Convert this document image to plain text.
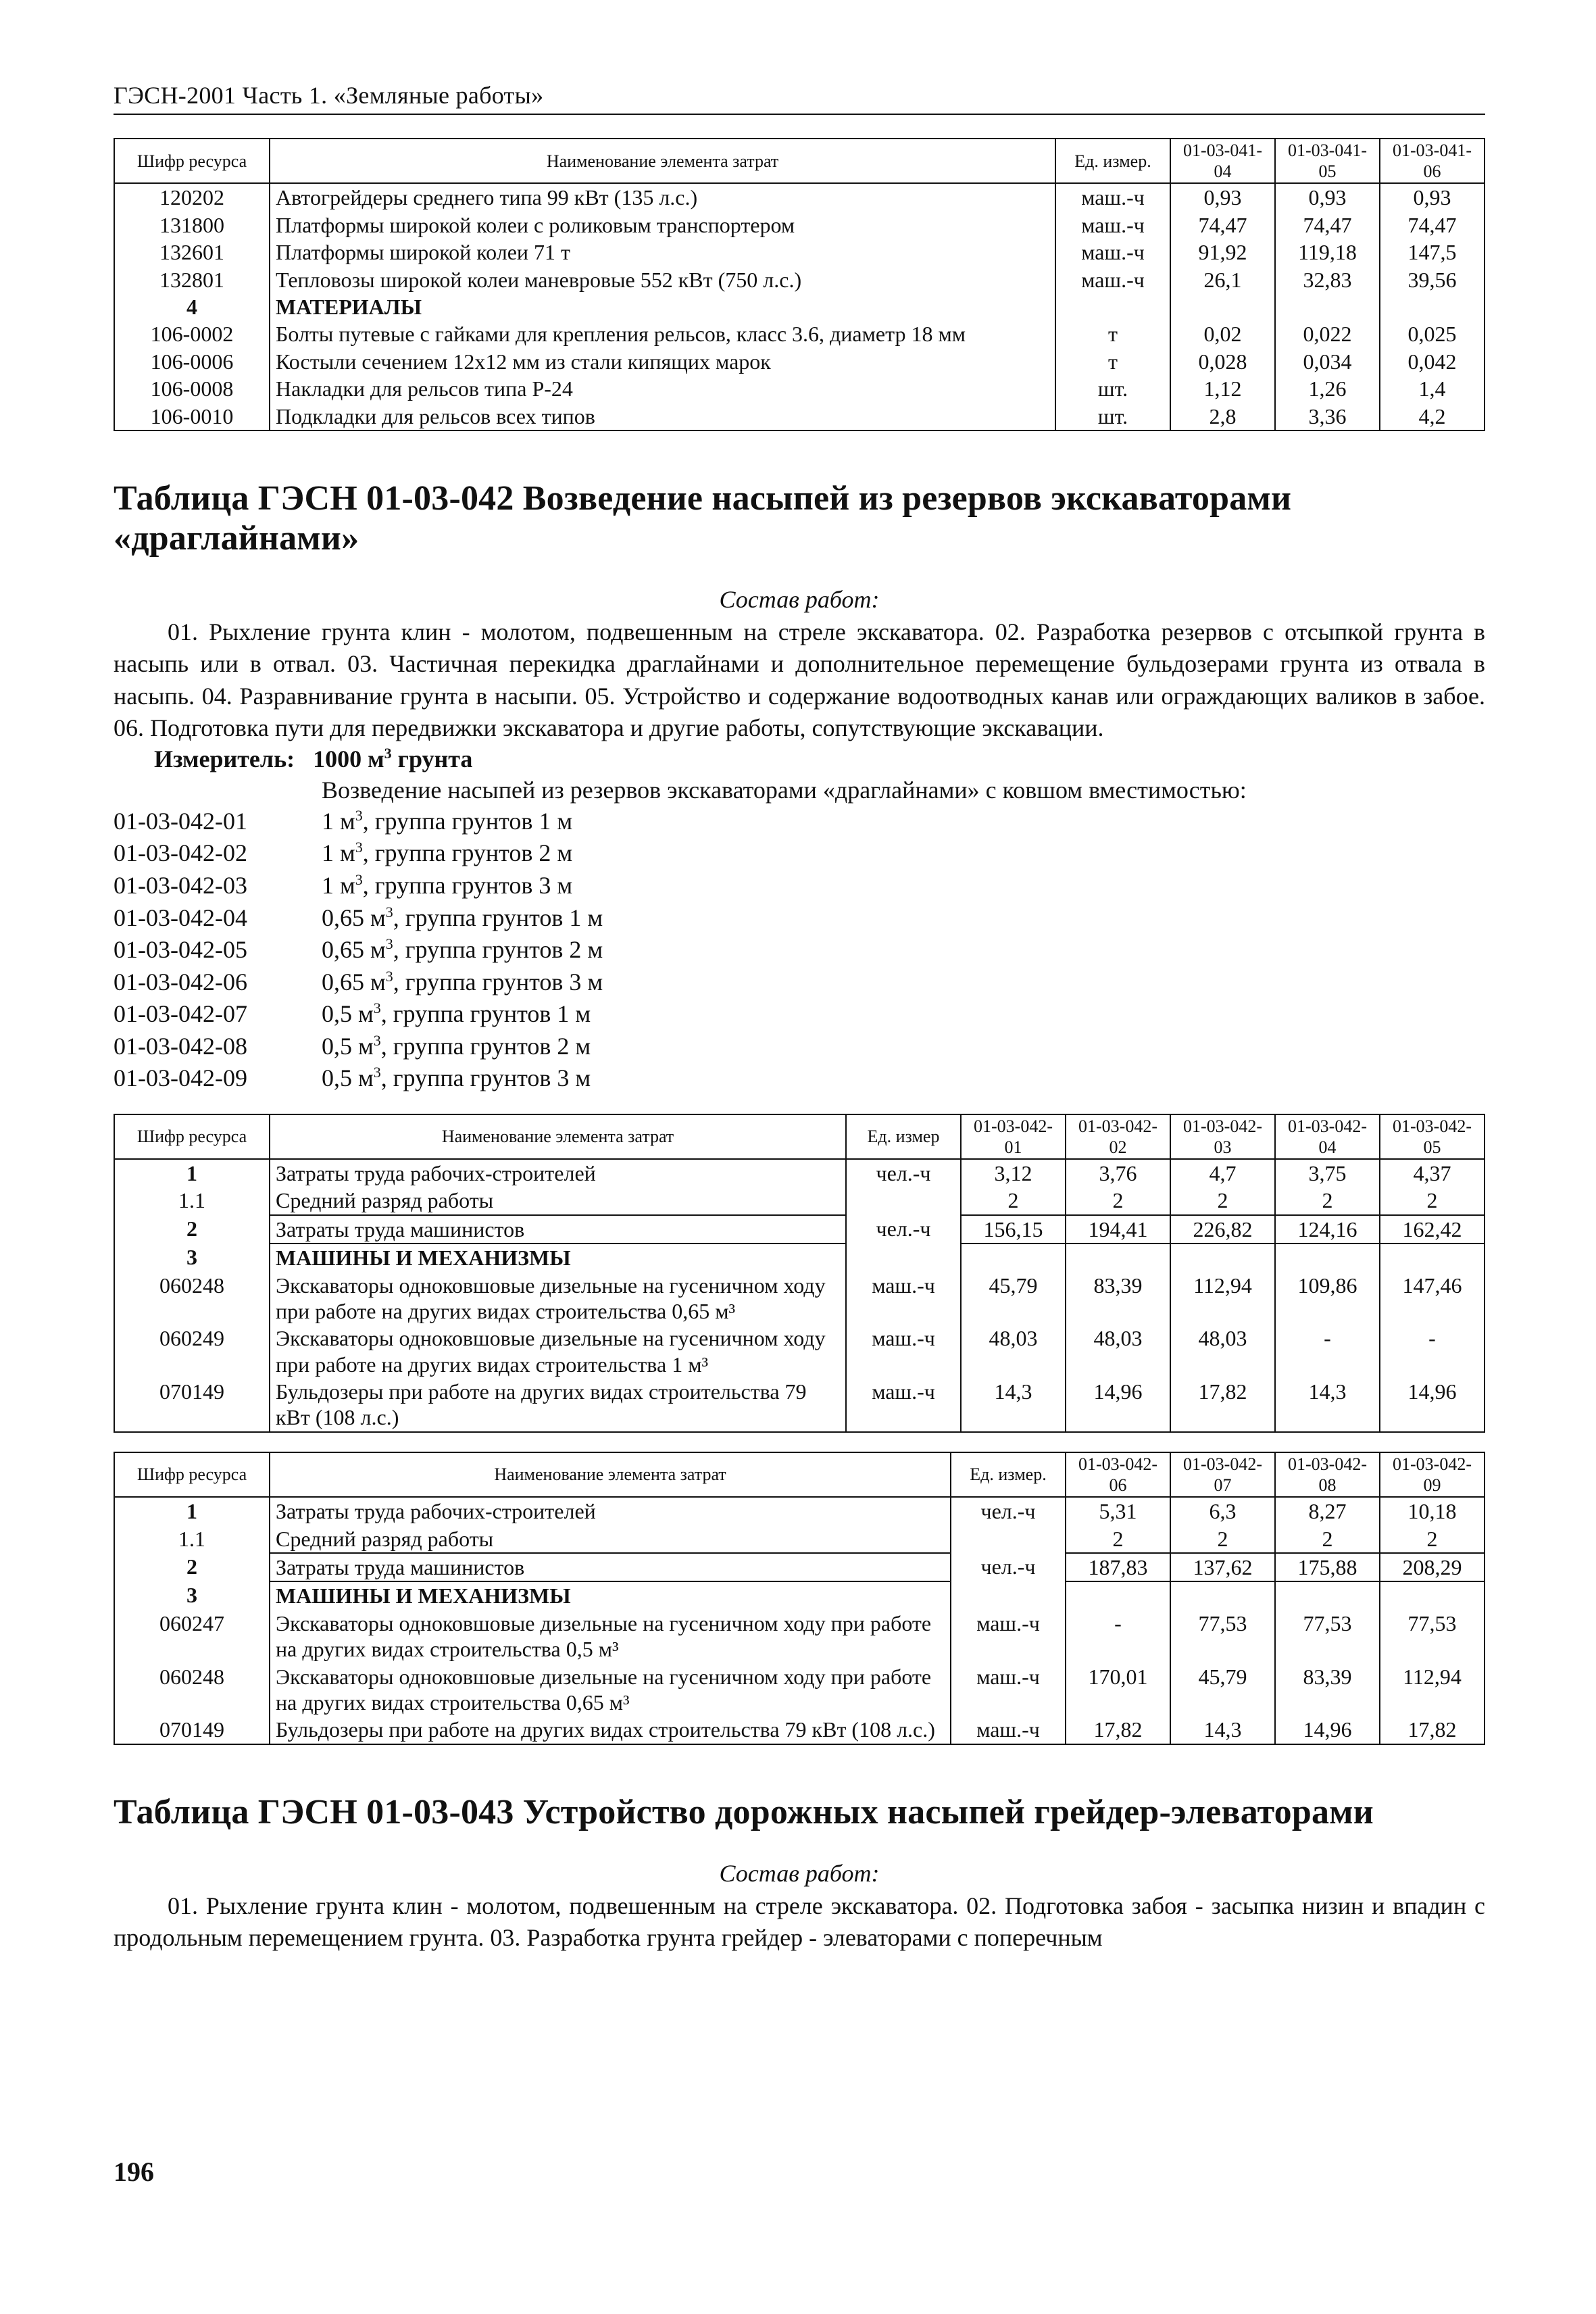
ГЭСН-2001 Часть 1. «Земляные работы»
Шифр ресурса	Наименование элемента затрат	Ед. измер.	01-03-041-04	01-03-041-05	01-03-041-06
120202	Автогрейдеры среднего типа 99 кВт (135 л.с.)	маш.-ч	0,93	0,93	0,93
131800	Платформы широкой колеи с роликовым транспортером	маш.-ч	74,47	74,47	74,47
132601	Платформы широкой колеи 71 т	маш.-ч	91,92	119,18	147,5
132801	Тепловозы широкой колеи маневровые 552 кВт (750 л.с.)	маш.-ч	26,1	32,83	39,56
4	МАТЕРИАЛЫ				
106-0002	Болты путевые с гайками для крепления рельсов, класс 3.6, диаметр 18 мм	т	0,02	0,022	0,025
106-0006	Костыли сечением 12х12 мм из стали кипящих марок	т	0,028	0,034	0,042
106-0008	Накладки для рельсов типа Р-24	шт.	1,12	1,26	1,4
106-0010	Подкладки для рельсов всех типов	шт.	2,8	3,36	4,2
Таблица ГЭСН 01-03-042 Возведение насыпей из резервов экскаваторами «драглайнами»
Состав работ:

01. Рыхление грунта клин - молотом, подвешенным на стреле экскаватора. 02. Разработка резервов с отсыпкой грунта в насыпь или в отвал. 03. Частичная перекидка драглайнами и дополнительное перемещение бульдозерами грунта из отвала в насыпь. 04. Разравнивание грунта в насыпи. 05. Устройство и содержание водоотводных канав или ограждающих валиков в забое. 06. Подготовка пути для передвижки экскаватора и другие работы, сопутствующие экскавации.

Измеритель: 1000 $м^3$ грунта
Возведение насыпей из резервов экскаваторами «драглайнами» с ковшом вместимостью:
01-03-042-01	1 $м^3$, группа грунтов 1 м
01-03-042-02	1 $м^3$, группа грунтов 2 м
01-03-042-03	1 $м^3$, группа грунтов 3 м
01-03-042-04	0,65 $м^3$, группа грунтов 1 м
01-03-042-05	0,65 $м^3$, группа грунтов 2 м
01-03-042-06	0,65 $м^3$, группа грунтов 3 м
01-03-042-07	0,5 $м^3$, группа грунтов 1 м
01-03-042-08	0,5 $м^3$, группа грунтов 2 м
01-03-042-09	0,5 $м^3$, группа грунтов 3 м
Шифр ресурса	Наименование элемента затрат	Ед. измер	01-03-042-01	01-03-042-02	01-03-042-03	01-03-042-04	01-03-042-05
1	Затраты труда рабочих-строителей	чел.-ч	3,12	3,76	4,7	3,75	4,37
1.1	Средний разряд работы		2	2	2	2	2
2	Затраты труда машинистов	чел.-ч	156,15	194,41	226,82	124,16	162,42
3	МАШИНЫ И МЕХАНИЗМЫ						
060248	Экскаваторы одноковшовые дизельные на гусеничном ходу при работе на других видах строительства 0,65 м³	маш.-ч	45,79	83,39	112,94	109,86	147,46
060249	Экскаваторы одноковшовые дизельные на гусеничном ходу при работе на других видах строительства 1 м³	маш.-ч	48,03	48,03	48,03	-	-
070149	Бульдозеры при работе на других видах строительства 79 кВт (108 л.с.)	маш.-ч	14,3	14,96	17,82	14,3	14,96
Шифр ресурса	Наименование элемента затрат	Ед. измер.	01-03-042-06	01-03-042-07	01-03-042-08	01-03-042-09
1	Затраты труда рабочих-строителей	чел.-ч	5,31	6,3	8,27	10,18
1.1	Средний разряд работы		2	2	2	2
2	Затраты труда машинистов	чел.-ч	187,83	137,62	175,88	208,29
3	МАШИНЫ И МЕХАНИЗМЫ					
060247	Экскаваторы одноковшовые дизельные на гусеничном ходу при работе на других видах строительства 0,5 м³	маш.-ч	-	77,53	77,53	77,53
060248	Экскаваторы одноковшовые дизельные на гусеничном ходу при работе на других видах строительства 0,65 м³	маш.-ч	170,01	45,79	83,39	112,94
070149	Бульдозеры при работе на других видах строительства 79 кВт (108 л.с.)	маш.-ч	17,82	14,3	14,96	17,82
Таблица ГЭСН 01-03-043 Устройство дорожных насыпей грейдер-элеваторами
Состав работ:

01. Рыхление грунта клин - молотом, подвешенным на стреле экскаватора. 02. Подготовка забоя - засыпка низин и впадин с продольным перемещением грунта. 03. Разработка грунта грейдер - элеваторами с поперечным

196
